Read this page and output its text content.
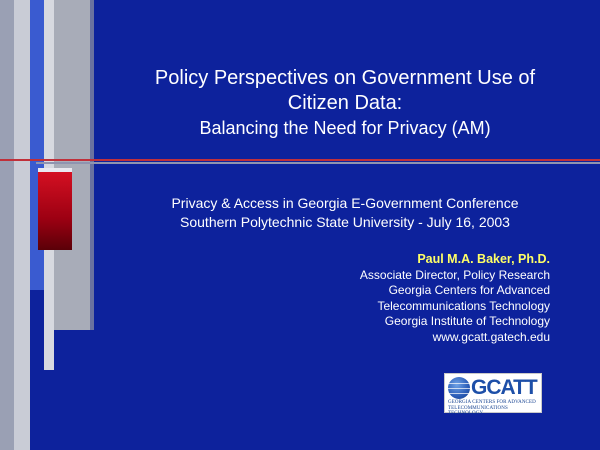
Policy Perspectives on Government Use of
Citizen Data:
Balancing the Need for Privacy (AM)
Privacy & Access in Georgia E-Government Conference
Southern Polytechnic State University - July 16, 2003
Paul M.A. Baker, Ph.D.
Associate Director, Policy Research
Georgia Centers for Advanced
Telecommunications Technology
Georgia Institute of Technology
www.gcatt.gatech.edu
GCATT
GEORGIA CENTERS FOR ADVANCED
TELECOMMUNICATIONS TECHNOLOGY
